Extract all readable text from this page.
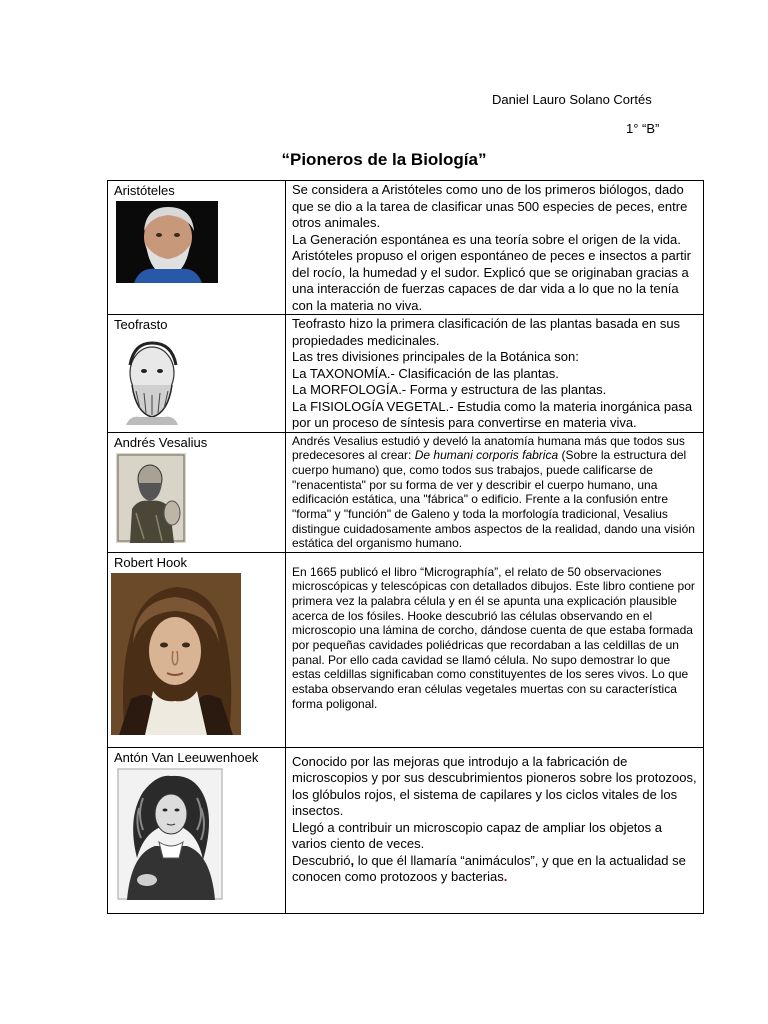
Daniel Lauro Solano Cortés
1° “B”
“Pioneros de la Biología”
Aristóteles	Se considera a Aristóteles como uno de los primeros biólogos, dado que se dio a la tarea de clasificar unas 500 especies de peces, entre otros animales.

La Generación espontánea es una teoría sobre el origen de la vida. Aristóteles propuso el origen espontáneo de peces e insectos a partir del rocío, la humedad y el sudor. Explicó que se originaban gracias a una interacción de fuerzas capaces de dar vida a lo que no la tenía con la materia no viva.

Teofrasto	Teofrasto hizo la primera clasificación de las plantas basada en sus propiedades medicinales.

Las tres divisiones principales de la Botánica son:

La TAXONOMÍA.- Clasificación de las plantas.

La MORFOLOGÍA.- Forma y estructura de las plantas.

La FISIOLOGÍA VEGETAL.- Estudia como la materia inorgánica pasa por un proceso de síntesis para convertirse en materia viva.

Andrés Vesalius	Andrés Vesalius estudió y develó la anatomía humana más que todos sus predecesores al crear: De humani corporis fabrica (Sobre la estructura del cuerpo humano) que, como todos sus trabajos, puede calificarse de "renacentista" por su forma de ver y describir el cuerpo humano, una edificación estática, una "fábrica" o edificio. Frente a la confusión entre "forma" y "función" de Galeno y toda la morfología tradicional, Vesalius distingue cuidadosamente ambos aspectos de la realidad, dando una visión estática del organismo humano.

Robert Hook	En 1665 publicó el libro “Micrographía”, el relato de 50 observaciones microscópicas y telescópicas con detallados dibujos. Este libro contiene por primera vez la palabra célula y en él se apunta una explicación plausible acerca de los fósiles. Hooke descubrió las células observando en el microscopio una lámina de corcho, dándose cuenta de que estaba formada por pequeñas cavidades poliédricas que recordaban a las celdillas de un panal. Por ello cada cavidad se llamó célula. No supo demostrar lo que estas celdillas significaban como constituyentes de los seres vivos. Lo que estaba observando eran células vegetales muertas con su característica forma poligonal.

Antón Van Leeuwenhoek	Conocido por las mejoras que introdujo a la fabricación de microscopios y por sus descubrimientos pioneros sobre los protozoos, los glóbulos rojos, el sistema de capilares y los ciclos vitales de los insectos.

Llegó a contribuir un microscopio capaz de ampliar los objetos a varios ciento de veces.

Descubrió, lo que él llamaría “animáculos”, y que en la actualidad se conocen como protozoos y bacterias.
